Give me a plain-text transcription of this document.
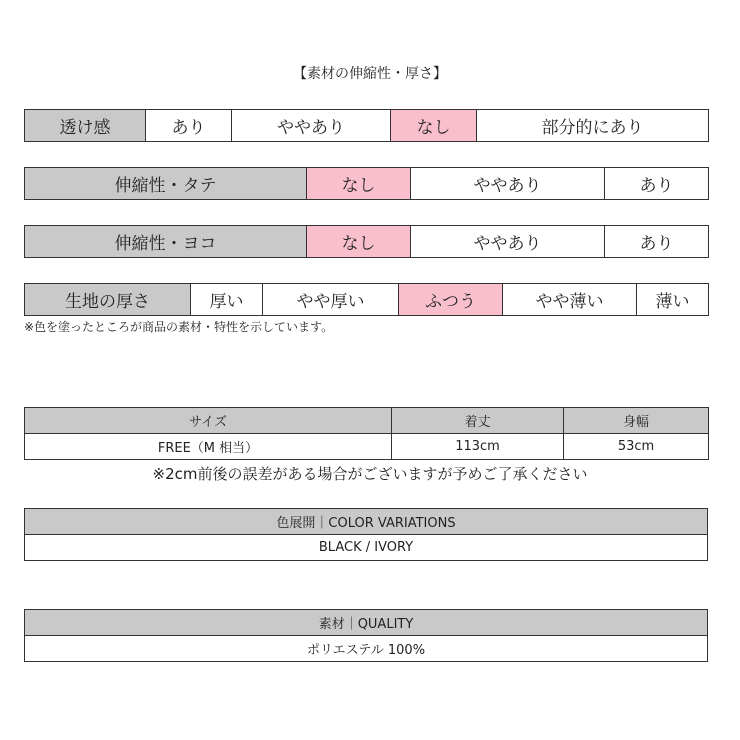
【素材の伸縮性・厚さ】
透け感	あり	ややあり	なし	部分的にあり
伸縮性・タテ	なし	ややあり	あり
伸縮性・ヨコ	なし	ややあり	あり
生地の厚さ	厚い	やや厚い	ふつう	やや薄い	薄い
※色を塗ったところが商品の素材・特性を示しています。
サイズ	着丈	身幅
FREE（M 相当）	113cm	53cm
※2cm前後の誤差がある場合がございますが予めご了承ください
色展開｜COLOR VARIATIONS
BLACK / IVORY
素材｜QUALITY
ポリエステル 100%
